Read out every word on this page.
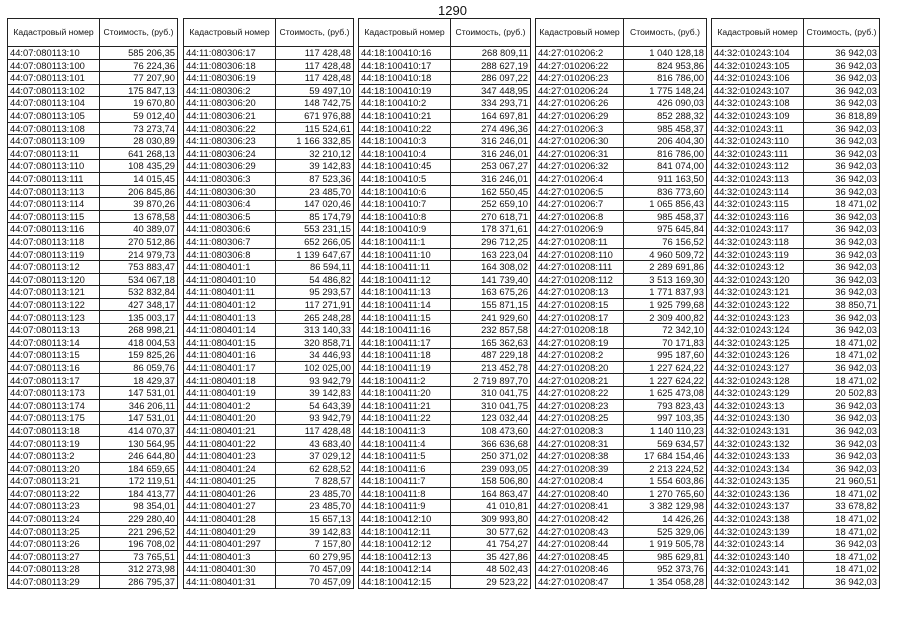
1290
Кадастровый номер	Стоимость, (руб.)
44:07:080113:10	585 206,35
44:07:080113:100	76 224,36
44:07:080113:101	77 207,90
44:07:080113:102	175 847,13
44:07:080113:104	19 670,80
44:07:080113:105	59 012,40
44:07:080113:108	73 273,74
44:07:080113:109	28 030,89
44:07:080113:11	641 268,13
44:07:080113:110	108 435,29
44:07:080113:111	14 015,45
44:07:080113:113	206 845,86
44:07:080113:114	39 870,26
44:07:080113:115	13 678,58
44:07:080113:116	40 389,07
44:07:080113:118	270 512,86
44:07:080113:119	214 979,73
44:07:080113:12	753 883,47
44:07:080113:120	534 067,18
44:07:080113:121	532 832,84
44:07:080113:122	427 348,17
44:07:080113:123	135 003,17
44:07:080113:13	268 998,21
44:07:080113:14	418 004,53
44:07:080113:15	159 825,26
44:07:080113:16	86 059,76
44:07:080113:17	18 429,37
44:07:080113:173	147 531,01
44:07:080113:174	346 206,11
44:07:080113:175	147 531,01
44:07:080113:18	414 070,37
44:07:080113:19	130 564,95
44:07:080113:2	246 644,80
44:07:080113:20	184 659,65
44:07:080113:21	172 119,51
44:07:080113:22	184 413,77
44:07:080113:23	98 354,01
44:07:080113:24	229 280,40
44:07:080113:25	221 296,52
44:07:080113:26	196 708,02
44:07:080113:27	73 765,51
44:07:080113:28	312 273,98
44:07:080113:29	286 795,37
Кадастровый номер	Стоимость, (руб.)
44:11:080306:17	117 428,48
44:11:080306:18	117 428,48
44:11:080306:19	117 428,48
44:11:080306:2	59 497,10
44:11:080306:20	148 742,75
44:11:080306:21	671 976,88
44:11:080306:22	115 524,61
44:11:080306:23	1 166 332,85
44:11:080306:24	32 210,12
44:11:080306:29	39 142,83
44:11:080306:3	87 523,36
44:11:080306:30	23 485,70
44:11:080306:4	147 020,46
44:11:080306:5	85 174,79
44:11:080306:6	553 231,15
44:11:080306:7	652 266,05
44:11:080306:8	1 139 647,67
44:11:080401:1	86 594,11
44:11:080401:10	54 486,82
44:11:080401:11	95 293,57
44:11:080401:12	117 271,91
44:11:080401:13	265 248,28
44:11:080401:14	313 140,33
44:11:080401:15	320 858,71
44:11:080401:16	34 446,93
44:11:080401:17	102 025,00
44:11:080401:18	93 942,79
44:11:080401:19	39 142,83
44:11:080401:2	54 643,39
44:11:080401:20	93 942,79
44:11:080401:21	117 428,48
44:11:080401:22	43 683,40
44:11:080401:23	37 029,12
44:11:080401:24	62 628,52
44:11:080401:25	7 828,57
44:11:080401:26	23 485,70
44:11:080401:27	23 485,70
44:11:080401:28	15 657,13
44:11:080401:29	39 142,83
44:11:080401:297	7 157,80
44:11:080401:3	60 279,95
44:11:080401:30	70 457,09
44:11:080401:31	70 457,09
Кадастровый номер	Стоимость, (руб.)
44:18:100410:16	268 809,11
44:18:100410:17	288 627,19
44:18:100410:18	286 097,22
44:18:100410:19	347 448,95
44:18:100410:2	334 293,71
44:18:100410:21	164 697,81
44:18:100410:22	274 496,36
44:18:100410:3	316 246,01
44:18:100410:4	316 246,01
44:18:100410:45	253 067,27
44:18:100410:5	316 246,01
44:18:100410:6	162 550,45
44:18:100410:7	252 659,10
44:18:100410:8	270 618,71
44:18:100410:9	178 371,61
44:18:100411:1	296 712,25
44:18:100411:10	163 223,04
44:18:100411:11	164 308,02
44:18:100411:12	141 739,40
44:18:100411:13	163 675,26
44:18:100411:14	155 871,15
44:18:100411:15	241 929,60
44:18:100411:16	232 857,58
44:18:100411:17	165 362,63
44:18:100411:18	487 229,18
44:18:100411:19	213 452,78
44:18:100411:2	2 719 897,70
44:18:100411:20	310 041,75
44:18:100411:21	310 041,75
44:18:100411:22	123 032,44
44:18:100411:3	108 473,60
44:18:100411:4	366 636,68
44:18:100411:5	250 371,02
44:18:100411:6	239 093,05
44:18:100411:7	158 506,80
44:18:100411:8	164 863,47
44:18:100411:9	41 010,81
44:18:100412:10	309 993,80
44:18:100412:11	30 577,62
44:18:100412:12	41 754,27
44:18:100412:13	35 427,86
44:18:100412:14	48 502,43
44:18:100412:15	29 523,22
Кадастровый номер	Стоимость, (руб.)
44:27:010206:2	1 040 128,18
44:27:010206:22	824 953,86
44:27:010206:23	816 786,00
44:27:010206:24	1 775 148,24
44:27:010206:26	426 090,03
44:27:010206:29	852 288,32
44:27:010206:3	985 458,37
44:27:010206:30	206 404,30
44:27:010206:31	816 786,00
44:27:010206:32	841 074,00
44:27:010206:4	911 163,50
44:27:010206:5	836 773,60
44:27:010206:7	1 065 856,43
44:27:010206:8	985 458,37
44:27:010206:9	975 645,84
44:27:010208:11	76 156,52
44:27:010208:110	4 960 509,72
44:27:010208:111	2 289 691,86
44:27:010208:112	3 513 169,30
44:27:010208:13	1 771 837,93
44:27:010208:15	1 925 799,68
44:27:010208:17	2 309 400,82
44:27:010208:18	72 342,10
44:27:010208:19	70 171,83
44:27:010208:2	995 187,60
44:27:010208:20	1 227 624,22
44:27:010208:21	1 227 624,22
44:27:010208:22	1 625 473,08
44:27:010208:23	793 823,43
44:27:010208:25	997 103,35
44:27:010208:3	1 140 110,23
44:27:010208:31	569 634,57
44:27:010208:38	17 684 154,46
44:27:010208:39	2 213 224,52
44:27:010208:4	1 554 603,86
44:27:010208:40	1 270 765,60
44:27:010208:41	3 382 129,98
44:27:010208:42	14 426,26
44:27:010208:43	525 329,06
44:27:010208:44	1 919 505,78
44:27:010208:45	985 629,81
44:27:010208:46	952 373,76
44:27:010208:47	1 354 058,28
Кадастровый номер	Стоимость, (руб.)
44:32:010243:104	36 942,03
44:32:010243:105	36 942,03
44:32:010243:106	36 942,03
44:32:010243:107	36 942,03
44:32:010243:108	36 942,03
44:32:010243:109	36 818,89
44:32:010243:11	36 942,03
44:32:010243:110	36 942,03
44:32:010243:111	36 942,03
44:32:010243:112	36 942,03
44:32:010243:113	36 942,03
44:32:010243:114	36 942,03
44:32:010243:115	18 471,02
44:32:010243:116	36 942,03
44:32:010243:117	36 942,03
44:32:010243:118	36 942,03
44:32:010243:119	36 942,03
44:32:010243:12	36 942,03
44:32:010243:120	36 942,03
44:32:010243:121	36 942,03
44:32:010243:122	38 850,71
44:32:010243:123	36 942,03
44:32:010243:124	36 942,03
44:32:010243:125	18 471,02
44:32:010243:126	18 471,02
44:32:010243:127	36 942,03
44:32:010243:128	18 471,02
44:32:010243:129	20 502,83
44:32:010243:13	36 942,03
44:32:010243:130	36 942,03
44:32:010243:131	36 942,03
44:32:010243:132	36 942,03
44:32:010243:133	36 942,03
44:32:010243:134	36 942,03
44:32:010243:135	21 960,51
44:32:010243:136	18 471,02
44:32:010243:137	33 678,82
44:32:010243:138	18 471,02
44:32:010243:139	18 471,02
44:32:010243:14	36 942,03
44:32:010243:140	18 471,02
44:32:010243:141	18 471,02
44:32:010243:142	36 942,03
